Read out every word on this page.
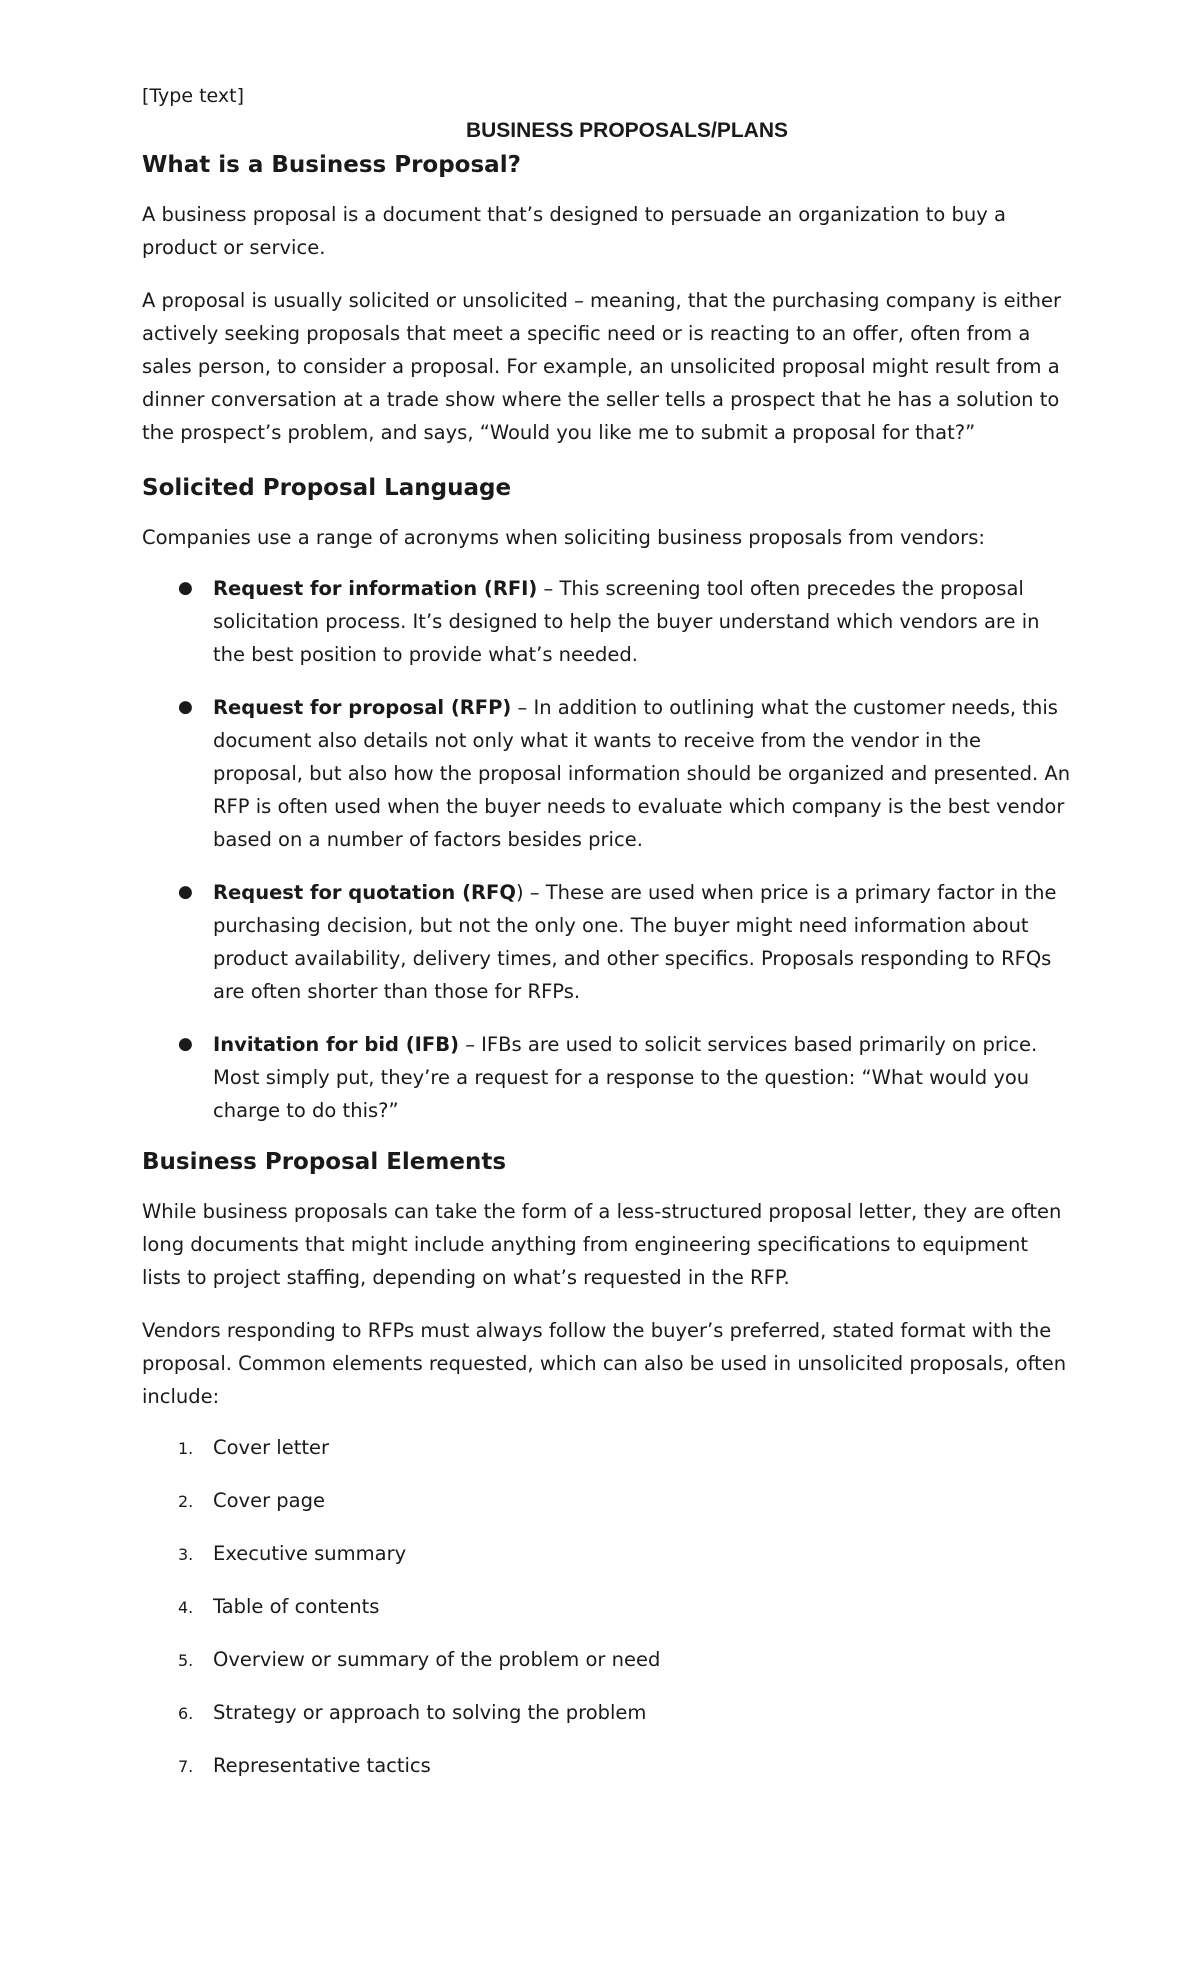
[Type text]

BUSINESS PROPOSALS/PLANS
What is a Business Proposal?

A business proposal is a document that’s designed to persuade an organization to buy a product or service.

A proposal is usually solicited or unsolicited – meaning, that the purchasing company is either actively seeking proposals that meet a specific need or is reacting to an offer, often from a sales person, to consider a proposal. For example, an unsolicited proposal might result from a dinner conversation at a trade show where the seller tells a prospect that he has a solution to the prospect’s problem, and says, “Would you like me to submit a proposal for that?”

Solicited Proposal Language

Companies use a range of acronyms when soliciting business proposals from vendors:

● Request for information (RFI) – This screening tool often precedes the proposal solicitation process. It’s designed to help the buyer understand which vendors are in the best position to provide what’s needed.
● Request for proposal (RFP) – In addition to outlining what the customer needs, this document also details not only what it wants to receive from the vendor in the proposal, but also how the proposal information should be organized and presented. An RFP is often used when the buyer needs to evaluate which company is the best vendor based on a number of factors besides price.
● Request for quotation (RFQ) – These are used when price is a primary factor in the purchasing decision, but not the only one. The buyer might need information about product availability, delivery times, and other specifics. Proposals responding to RFQs are often shorter than those for RFPs.
● Invitation for bid (IFB) – IFBs are used to solicit services based primarily on price. Most simply put, they’re a request for a response to the question: “What would you charge to do this?”
Business Proposal Elements

While business proposals can take the form of a less-structured proposal letter, they are often long documents that might include anything from engineering specifications to equipment lists to project staffing, depending on what’s requested in the RFP.

Vendors responding to RFPs must always follow the buyer’s preferred, stated format with the proposal. Common elements requested, which can also be used in unsolicited proposals, often include:

1. Cover letter
2. Cover page
3. Executive summary
4. Table of contents
5. Overview or summary of the problem or need
6. Strategy or approach to solving the problem
7. Representative tactics
